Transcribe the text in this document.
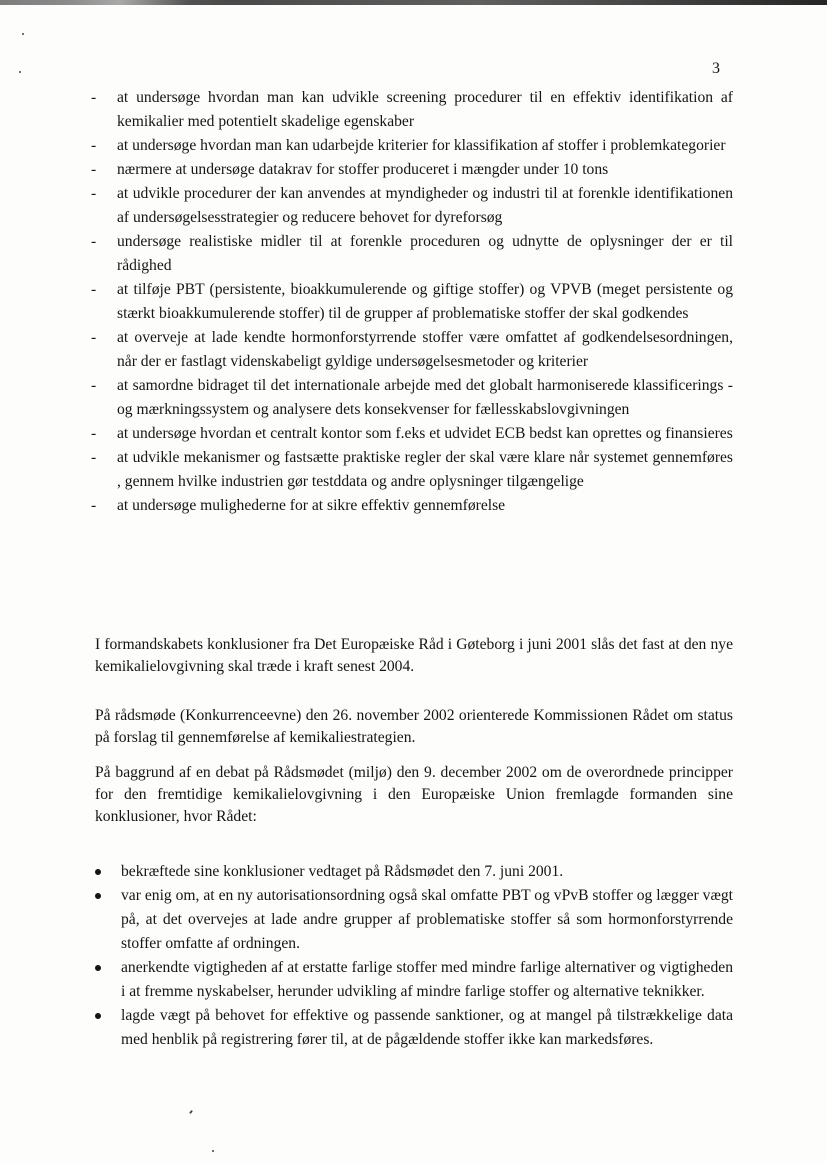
3
- at undersøge hvordan man kan udvikle screening procedurer til en effektiv identifikation af kemikalier med potentielt skadelige egenskaber
- at undersøge hvordan man kan udarbejde kriterier for klassifikation af stoffer i problemkategorier
- nærmere at undersøge datakrav for stoffer produceret i mængder under 10 tons
- at udvikle procedurer der kan anvendes at myndigheder og industri til at forenkle identifikationen af undersøgelsesstrategier og reducere behovet for dyreforsøg
- undersøge realistiske midler til at forenkle proceduren og udnytte de oplysninger der er til rådighed
- at tilføje PBT (persistente, bioakkumulerende og giftige stoffer) og VPVB (meget persistente og stærkt bioakkumulerende stoffer) til de grupper af problematiske stoffer der skal godkendes
- at overveje at lade kendte hormonforstyrrende stoffer være omfattet af godkendelsesordningen, når der er fastlagt videnskabeligt gyldige undersøgelsesmetoder og kriterier
- at samordne bidraget til det internationale arbejde med det globalt harmoniserede klassificerings - og mærkningssystem og analysere dets konsekvenser for fællesskabslovgivningen
- at undersøge hvordan et centralt kontor som f.eks et udvidet ECB bedst kan oprettes og finansieres
- at udvikle mekanismer og fastsætte praktiske regler der skal være klare når systemet gennemføres , gennem hvilke industrien gør testddata og andre oplysninger tilgængelige
- at undersøge mulighederne for at sikre effektiv gennemførelse

I formandskabets konklusioner fra Det Europæiske Råd i Gøteborg i juni 2001 slås det fast at den nye kemikalielovgivning skal træde i kraft senest 2004.

På rådsmøde (Konkurrenceevne) den 26. november 2002 orienterede Kommissionen Rådet om status på forslag til gennemførelse af kemikaliestrategien.

På baggrund af en debat på Rådsmødet (miljø) den 9. december 2002 om de overordnede principper for den fremtidige kemikalielovgivning i den Europæiske Union fremlagde formanden sine konklusioner, hvor Rådet:

bekræftede sine konklusioner vedtaget på Rådsmødet den 7. juni 2001.
var enig om, at en ny autorisationsordning også skal omfatte PBT og vPvB stoffer og lægger vægt på, at det overvejes at lade andre grupper af problematiske stoffer så som hormonforstyrrende stoffer omfatte af ordningen.
anerkendte vigtigheden af at erstatte farlige stoffer med mindre farlige alternativer og vigtigheden i at fremme nyskabelser, herunder udvikling af mindre farlige stoffer og alternative teknikker.
lagde vægt på behovet for effektive og passende sanktioner, og at mangel på tilstrækkelige data med henblik på registrering fører til, at de pågældende stoffer ikke kan markedsføres.
